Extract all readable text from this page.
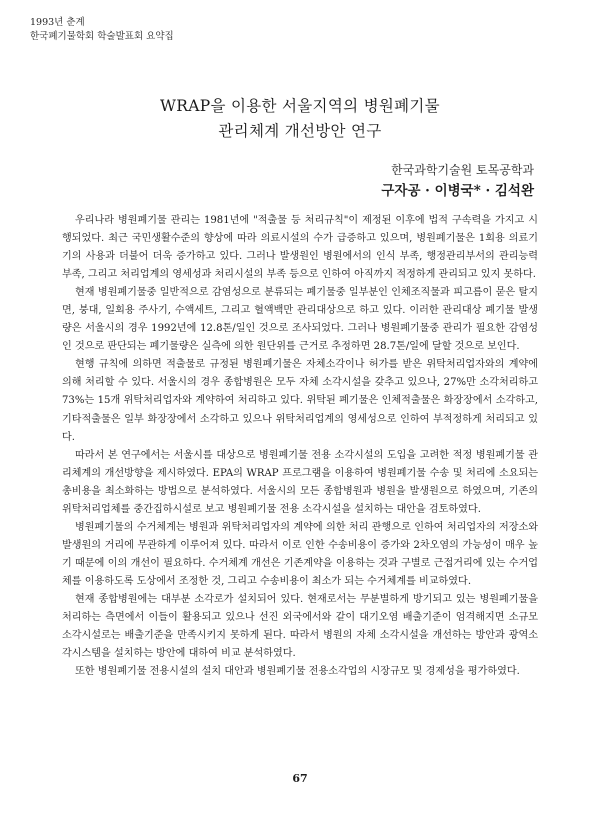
1993년 춘계
한국폐기물학회 학술발표회 요약집
WRAP을 이용한 서울지역의 병원폐기물
관리체계 개선방안 연구
한국과학기술원 토목공학과
구자공 · 이병국* · 김석완

우리나라 병원폐기물 관리는 1981년에 "적출물 등 처리규칙"이 제정된 이후에 법적 구속력을 가지고 시행되었다. 최근 국민생활수준의 향상에 따라 의료시설의 수가 급증하고 있으며, 병원폐기물은 1회용 의료기기의 사용과 더불어 더욱 증가하고 있다. 그러나 발생원인 병원에서의 인식 부족, 행정관리부서의 관리능력 부족, 그리고 처리업계의 영세성과 처리시설의 부족 등으로 인하여 아직까지 적정하게 관리되고 있지 못하다.

현재 병원폐기물중 일반적으로 감염성으로 분류되는 폐기물중 일부분인 인체조직물과 피고름이 묻은 탈지면, 붕대, 일회용 주사기, 수액세트, 그리고 혈액백만 관리대상으로 하고 있다. 이러한 관리대상 폐기물 발생량은 서울시의 경우 1992년에 12.8톤/일인 것으로 조사되었다. 그러나 병원폐기물중 관리가 필요한 감염성인 것으로 판단되는 폐기물량은 실측에 의한 원단위를 근거로 추정하면 28.7톤/일에 달할 것으로 보인다.

현행 규칙에 의하면 적출물로 규정된 병원폐기물은 자체소각이나 허가를 받은 위탁처리업자와의 계약에 의해 처리할 수 있다. 서울시의 경우 종합병원은 모두 자체 소각시설을 갖추고 있으나, 27%만 소각처리하고 73%는 15개 위탁처리업자와 계약하여 처리하고 있다. 위탁된 폐기물은 인체적출물은 화장장에서 소각하고, 기타적출물은 일부 화장장에서 소각하고 있으나 위탁처리업계의 영세성으로 인하여 부적정하게 처리되고 있다.

따라서 본 연구에서는 서울시를 대상으로 병원폐기물 전용 소각시설의 도입을 고려한 적정 병원폐기물 관리체계의 개선방향을 제시하였다. EPA의 WRAP 프로그램을 이용하여 병원폐기물 수송 및 처리에 소요되는 총비용을 최소화하는 방법으로 분석하였다. 서울시의 모든 종합병원과 병원을 발생원으로 하였으며, 기존의 위탁처리업체를 중간집하시설로 보고 병원폐기물 전용 소각시설을 설치하는 대안을 검토하였다.

병원폐기물의 수거체계는 병원과 위탁처리업자의 계약에 의한 처리 관행으로 인하여 처리업자의 저장소와 발생원의 거리에 무관하게 이루어져 있다. 따라서 이로 인한 수송비용이 증가와 2차오염의 가능성이 매우 높기 때문에 이의 개선이 필요하다. 수거체계 개선은 기존계약을 이용하는 것과 구별로 근접거리에 있는 수거업체를 이용하도록 도상에서 조정한 것, 그리고 수송비용이 최소가 되는 수거체계를 비교하였다.

현재 종합병원에는 대부분 소각로가 설치되어 있다. 현재로서는 무분별하게 방기되고 있는 병원폐기물을 처리하는 측면에서 이들이 활용되고 있으나 선진 외국에서와 같이 대기오염 배출기준이 엄격해지면 소규모 소각시설로는 배출기준을 만족시키지 못하게 된다. 따라서 병원의 자체 소각시설을 개선하는 방안과 광역소각시스템을 설치하는 방안에 대하여 비교 분석하였다.

또한 병원폐기물 전용시설의 설치 대안과 병원폐기물 전용소각업의 시장규모 및 경제성을 평가하였다.

67
